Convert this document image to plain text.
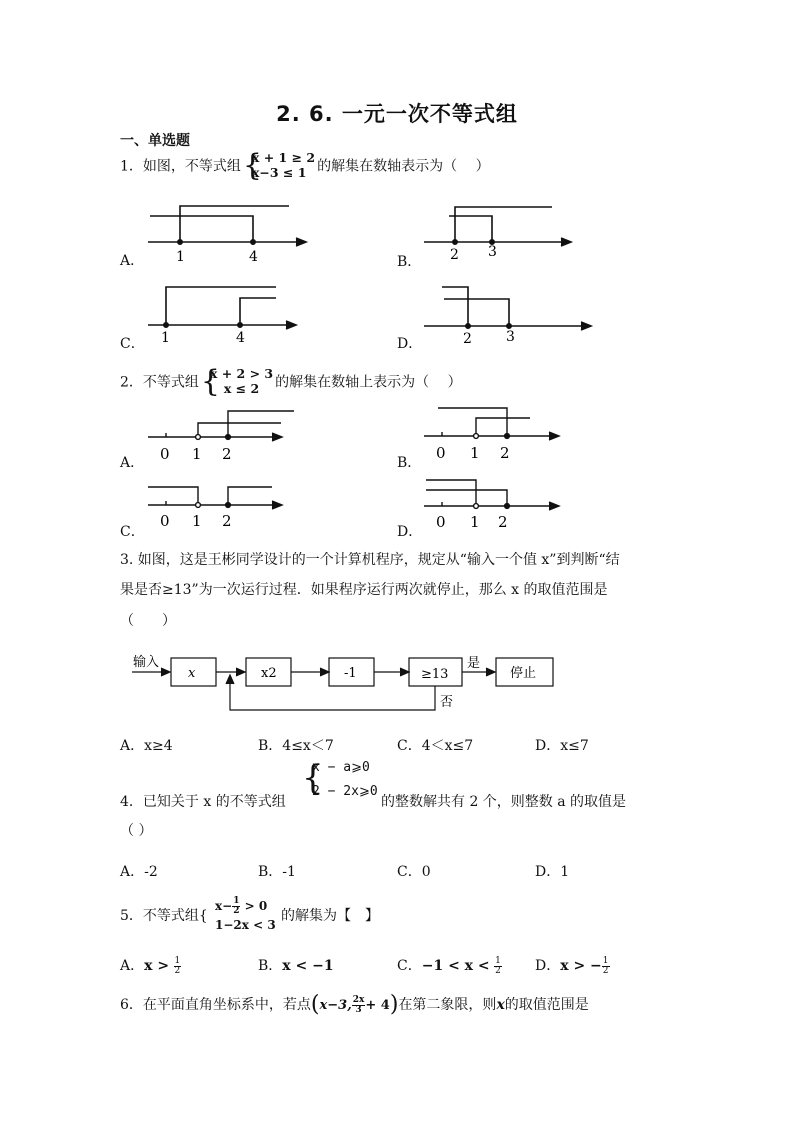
2. 6. 一元一次不等式组
一、单选题
1．如图，不等式组 {
x + 1 ≥ 2
x−3 ≤ 1 的解集在数轴表示为（　 ）
A．	B．
C．	D．
1	4	2 3
1	4	2 3
2．不等式组 {
x + 2 > 3
x ≤ 2	的解集在数轴上表示为（　 ）
A．	B．
C．	D．
0 1 2	0 1 2
0 1 2	0 1 2
3. 如图，这是王彬同学设计的一个计算机程序，规定从“输入一个值 x”到判断“结
果是否≥13”为一次运行过程．如果程序运行两次就停止，那么 x 的取值范围是
（　　）
输入
x	x2	-1	≥13
是
否
停止
A．x≥4	B．4≤x＜7	C．4＜x≤7	D．x≤7
4．已知关于 x 的不等式组
{
x − a⩾0
2 − 2x⩾0
的整数解共有 2 个，则整数 a 的取值是
（ ）
A．-2	B．-1	C．0	D．1
5．不等式组{
$x- \frac{1}{2} > 0$
1−2x < 3
的解集为【　】
A．$x > \frac{1}{2}$	B．x < −1	C．$-1 < x < \frac{1}{2}$ D．x > − $\frac{1}{2}$
6．在平面直角坐标系中，若点(x−3, $\frac{2x}{3} + 4$)在第二象限，则x的取值范围是
